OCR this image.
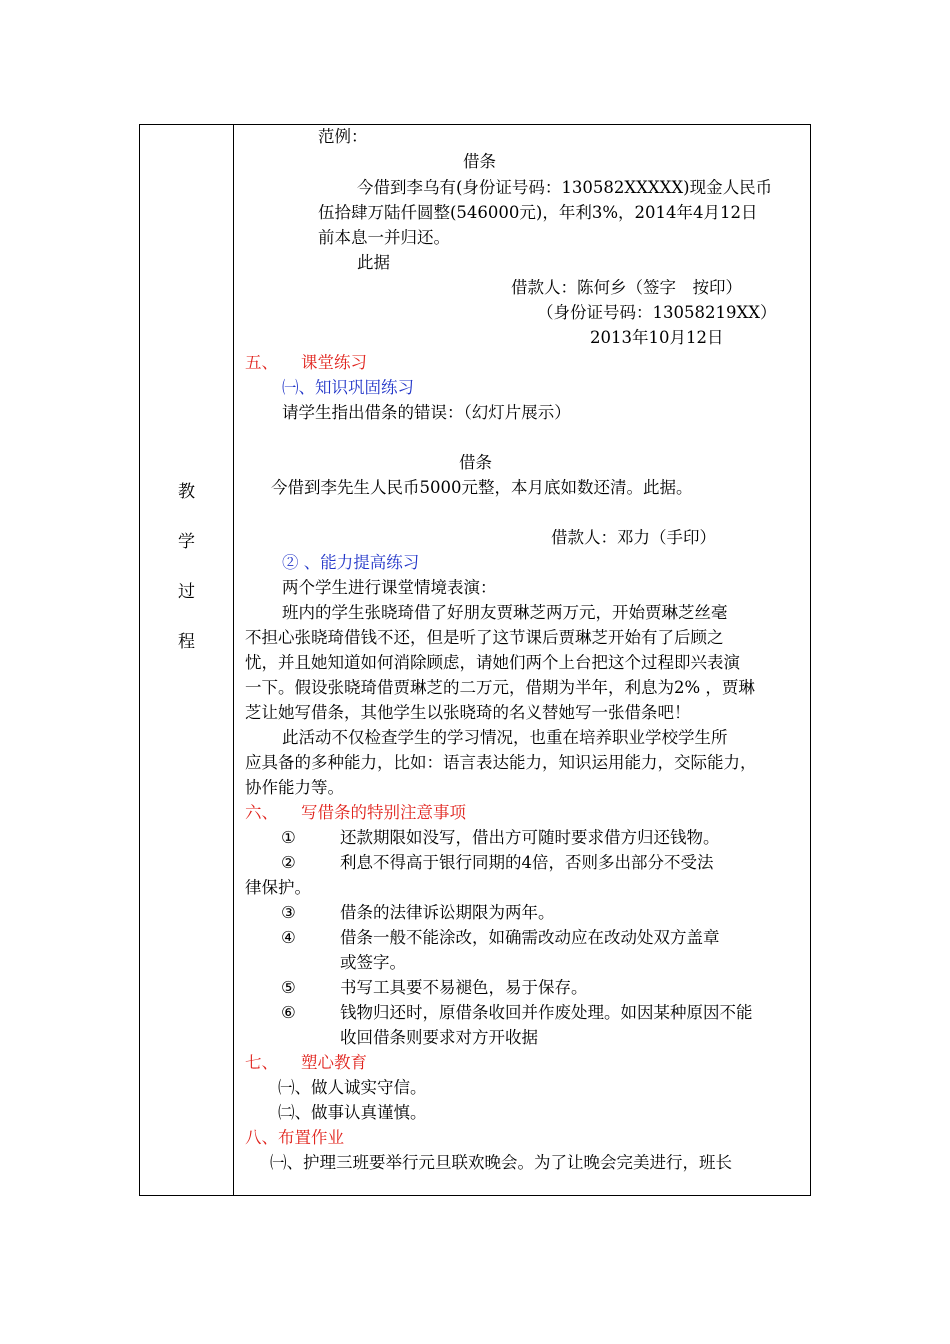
教
学
过
程
范例：
借条
今借到李乌有(身份证号码：130582XXXXX)现金人民币
伍拾肆万陆仟圆整(546000元)，年利3%，2014年4月12日
前本息一并归还。
此据
借款人：陈何乡（签字　按印）
（身份证号码：13058219XX）
2013年10月12日
五、 课堂练习
㈠、知识巩固练习
请学生指出借条的错误：（幻灯片展示）
借条
今借到李先生人民币5000元整，本月底如数还清。此据。
借款人：邓力（手印）
② 、能力提高练习
两个学生进行课堂情境表演：
班内的学生张晓琦借了好朋友贾琳芝两万元，开始贾琳芝丝毫
不担心张晓琦借钱不还，但是听了这节课后贾琳芝开始有了后顾之
忧，并且她知道如何消除顾虑，请她们两个上台把这个过程即兴表演
一下。假设张晓琦借贾琳芝的二万元，借期为半年，利息为2% ，贾琳
芝让她写借条，其他学生以张晓琦的名义替她写一张借条吧！
此活动不仅检查学生的学习情况，也重在培养职业学校学生所
应具备的多种能力，比如：语言表达能力，知识运用能力，交际能力，
协作能力等。
六、 写借条的特别注意事项
①	还款期限如没写，借出方可随时要求借方归还钱物。
②	利息不得高于银行同期的4倍，否则多出部分不受法
律保护。
③	借条的法律诉讼期限为两年。
④	借条一般不能涂改，如确需改动应在改动处双方盖章
或签字。
⑤	书写工具要不易褪色，易于保存。
⑥	钱物归还时，原借条收回并作废处理。如因某种原因不能
收回借条则要求对方开收据
七、 塑心教育
㈠、做人诚实守信。
㈡、做事认真谨慎。
八、布置作业
㈠、护理三班要举行元旦联欢晚会。为了让晚会完美进行，班长
